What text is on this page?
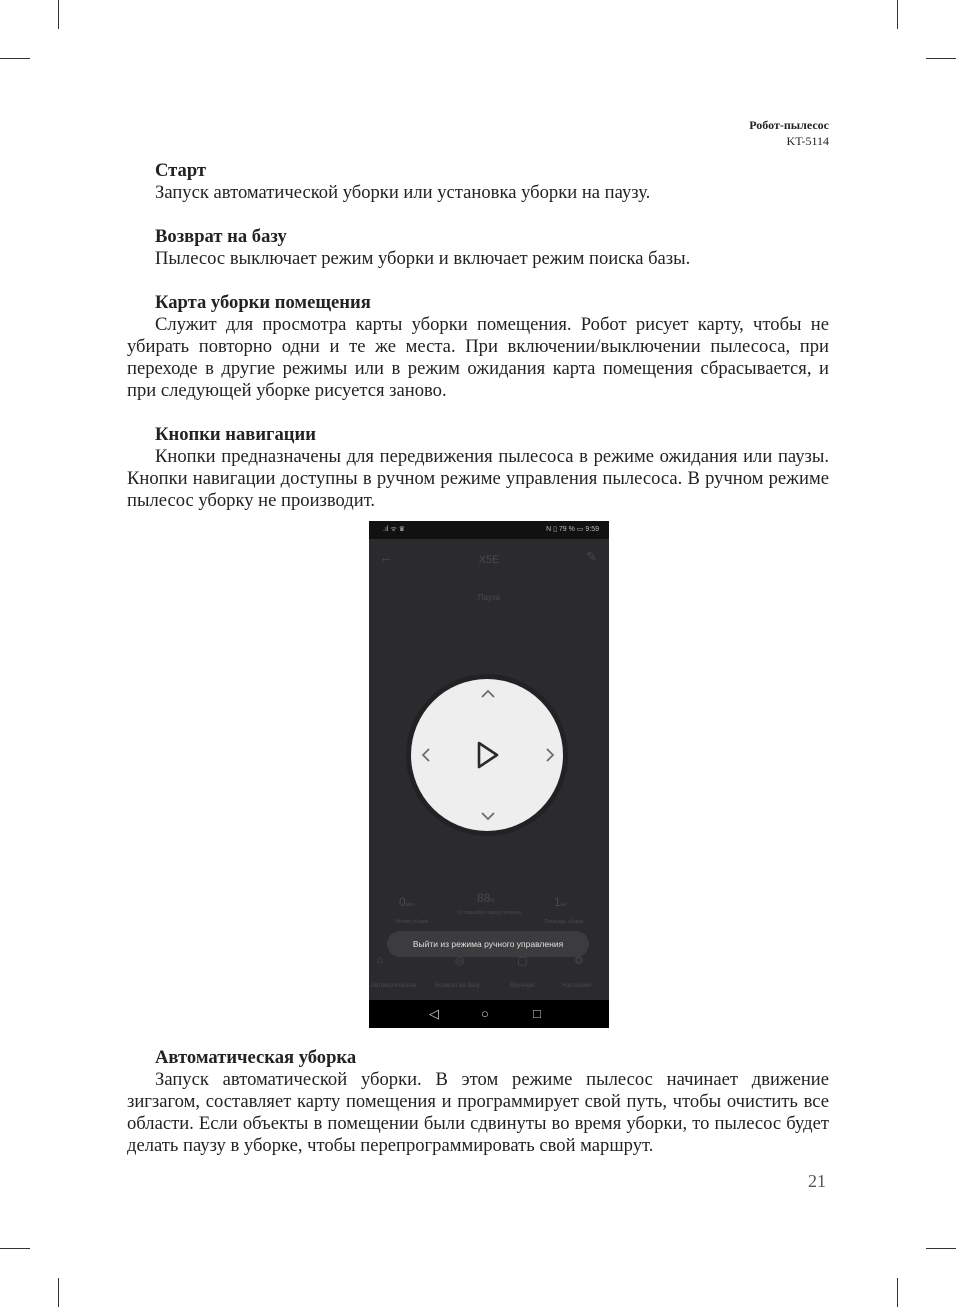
Робот-пылесос
KT-5114
Старт

Запуск автоматической уборки или установка уборки на паузу.

Возврат на базу

Пылесос выключает режим уборки и включает режим поиска базы.

Карта уборки помещения

Служит для просмотра карты уборки помещения. Робот рисует карту, чтобы не убирать повторно одни и те же места. При включении/выключении пылесоса, при переходе в другие режимы или в режим ожидания карта помещения сбрасывается, и при следующей уборке рисуется заново.

Кнопки навигации

Кнопки предназначены для передвижения пылесоса в режиме ожидания или паузы. Кнопки навигации доступны в ручном режиме управления пылесоса. В ручном режиме пылесос уборку не производит.

.ıl ᯤ ♛	N ▯ 79 % ▭ 9:59
←	X5E	✎
Пауза
0мин	88%	1м2
Время уборки
Оставшийся заряд батареи
Площадь уборки
Выйти из режима ручного управления
⌂	◎	▢	⚙
Автоматическая	Возврат на базу	Вручную	Настройки
◁	○	□
Автоматическая уборка

Запуск автоматической уборки. В этом режиме пылесос начинает движение зигзагом, составляет карту помещения и программирует свой путь, чтобы очистить все области. Если объекты в помещении были сдвинуты во время уборки, то пылесос будет делать паузу в уборке, чтобы перепрограммировать свой маршрут.

21
